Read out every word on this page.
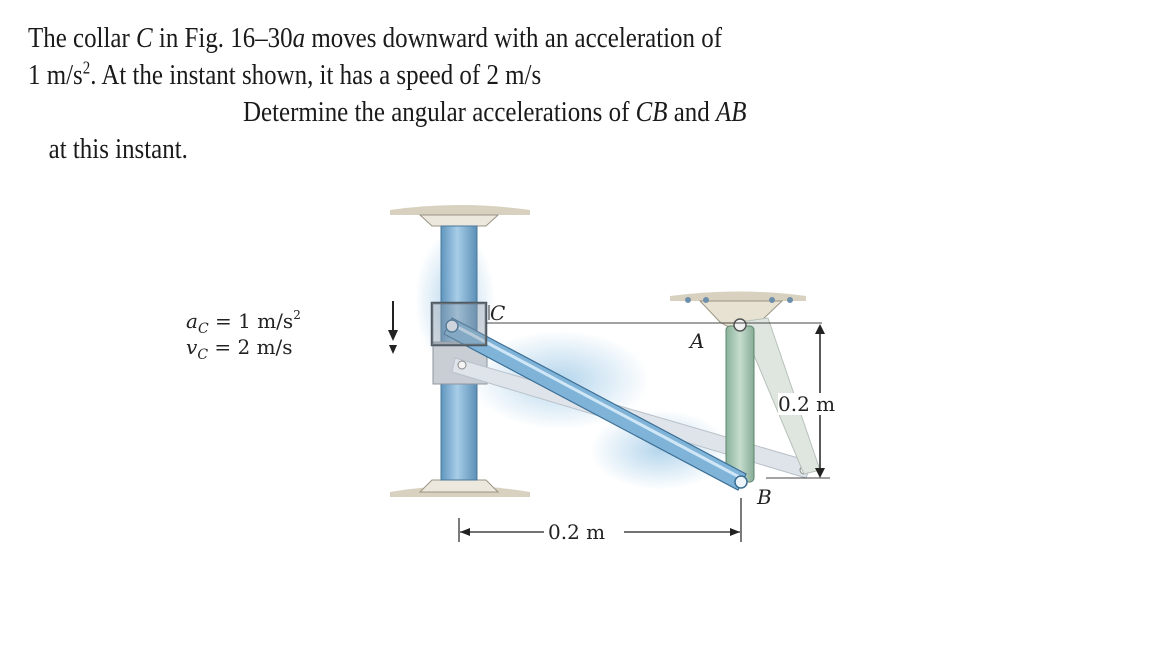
The collar C in Fig. 16–30a moves downward with an acceleration of
1 $m/s^2$. At the instant shown, it has a speed of 2 m/s
Determine the angular accelerations of CB and AB
at this instant.
0.2 m
0.2 m
$a_C = 1$ $m/s^2$
$v_C = 2$ m/s
C
A
B
